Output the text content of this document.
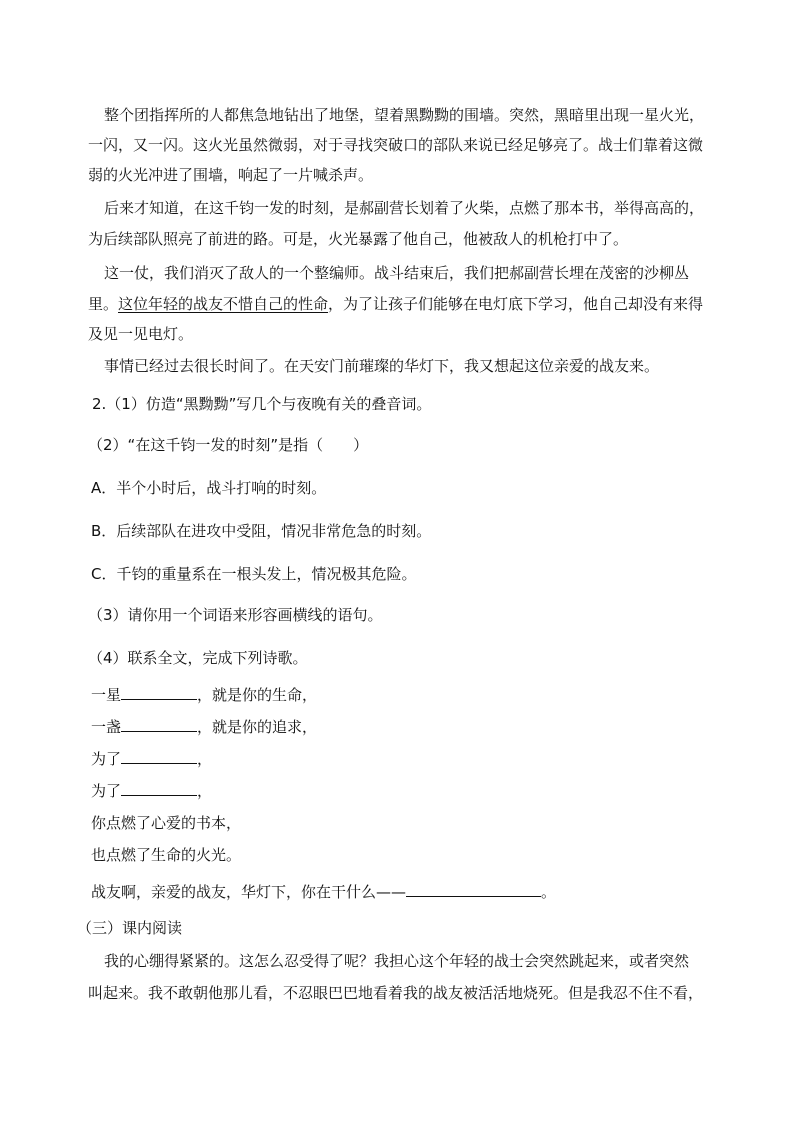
整个团指挥所的人都焦急地钻出了地堡，望着黑黝黝的围墙。突然，黑暗里出现一星火光，
一闪，又一闪。这火光虽然微弱，对于寻找突破口的部队来说已经足够亮了。战士们靠着这微
弱的火光冲进了围墙，响起了一片喊杀声。
后来才知道，在这千钧一发的时刻，是郝副营长划着了火柴，点燃了那本书，举得高高的，
为后续部队照亮了前进的路。可是，火光暴露了他自己，他被敌人的机枪打中了。
这一仗，我们消灭了敌人的一个整编师。战斗结束后，我们把郝副营长埋在茂密的沙柳丛
里。这位年轻的战友不惜自己的性命，为了让孩子们能够在电灯底下学习，他自己却没有来得
及见一见电灯。
事情已经过去很长时间了。在天安门前璀璨的华灯下，我又想起这位亲爱的战友来。
2.（1）仿造“黑黝黝”写几个与夜晚有关的叠音词。
（2）“在这千钧一发的时刻”是指（　　）
A．半个小时后，战斗打响的时刻。
B．后续部队在进攻中受阻，情况非常危急的时刻。
C．千钧的重量系在一根头发上，情况极其危险。
（3）请你用一个词语来形容画横线的语句。
（4）联系全文，完成下列诗歌。
一星	，就是你的生命，
一盏	，就是你的追求，
为了	，
为了	，
你点燃了心爱的书本，
也点燃了生命的火光。
战友啊，亲爱的战友，华灯下，你在干什么——	。
（三）课内阅读
我的心绷得紧紧的。这怎么忍受得了呢？我担心这个年轻的战士会突然跳起来，或者突然
叫起来。我不敢朝他那儿看，不忍眼巴巴地看着我的战友被活活地烧死。但是我忍不住不看，
